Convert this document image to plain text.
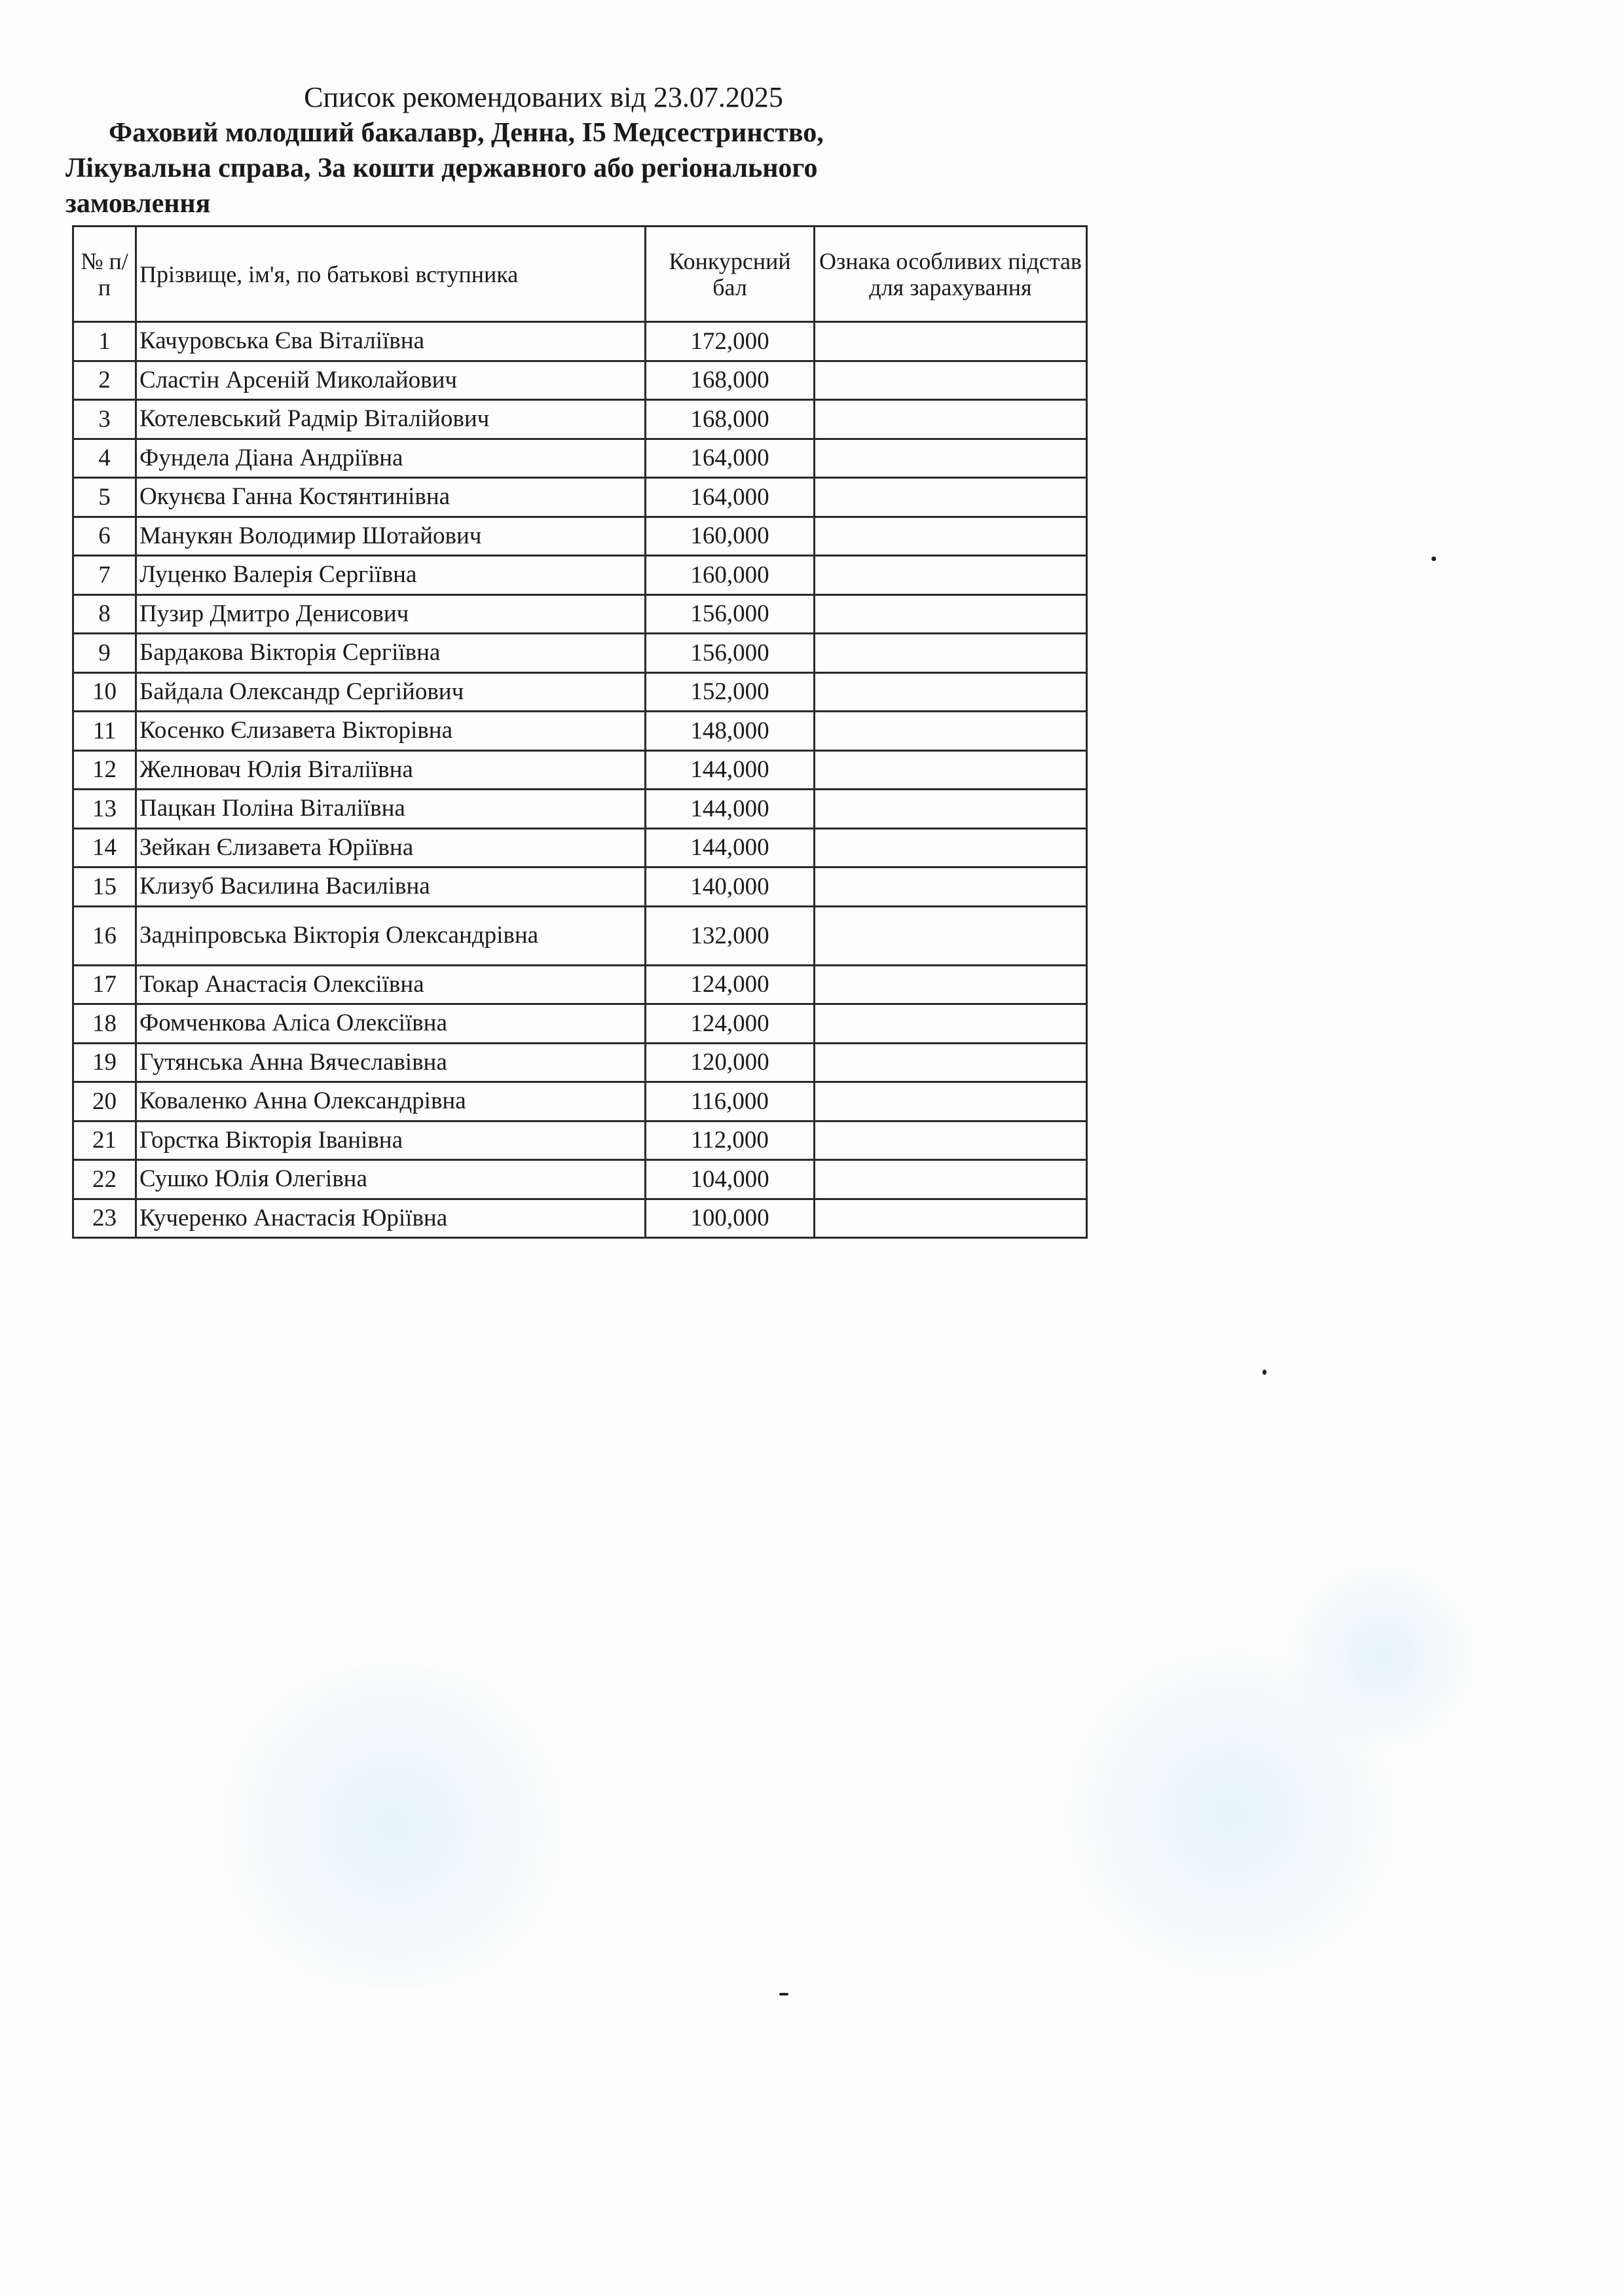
Список рекомендованих від 23.07.2025
Фаховий молодший бакалавр, Денна, I5 Медсестринство,
Лікувальна справа, За кошти державного або регіонального
замовлення
№ п/п	Прізвище, ім'я, по батькові вступника	Конкурсний бал	Ознака особливих підстав для зарахування
1	Качуровська Єва Віталіївна	172,000	
2	Сластін Арсеній Миколайович	168,000	
3	Котелевський Радмір Віталійович	168,000	
4	Фундела Діана Андріївна	164,000	
5	Окунєва Ганна Костянтинівна	164,000	
6	Манукян Володимир Шотайович	160,000	
7	Луценко Валерія Сергіївна	160,000	
8	Пузир Дмитро Денисович	156,000	
9	Бардакова Вікторія Сергіївна	156,000	
10	Байдала Олександр Сергійович	152,000	
11	Косенко Єлизавета Вікторівна	148,000	
12	Желновач Юлія Віталіївна	144,000	
13	Пацкан Поліна Віталіївна	144,000	
14	Зейкан Єлизавета Юріївна	144,000	
15	Клизуб Василина Василівна	140,000	
16	Задніпровська Вікторія Олександрівна	132,000	
17	Токар Анастасія Олексіївна	124,000	
18	Фомченкова Аліса Олексіївна	124,000	
19	Гутянська Анна Вячеславівна	120,000	
20	Коваленко Анна Олександрівна	116,000	
21	Горстка Вікторія Іванівна	112,000	
22	Сушко Юлія Олегівна	104,000	
23	Кучеренко Анастасія Юріївна	100,000	
